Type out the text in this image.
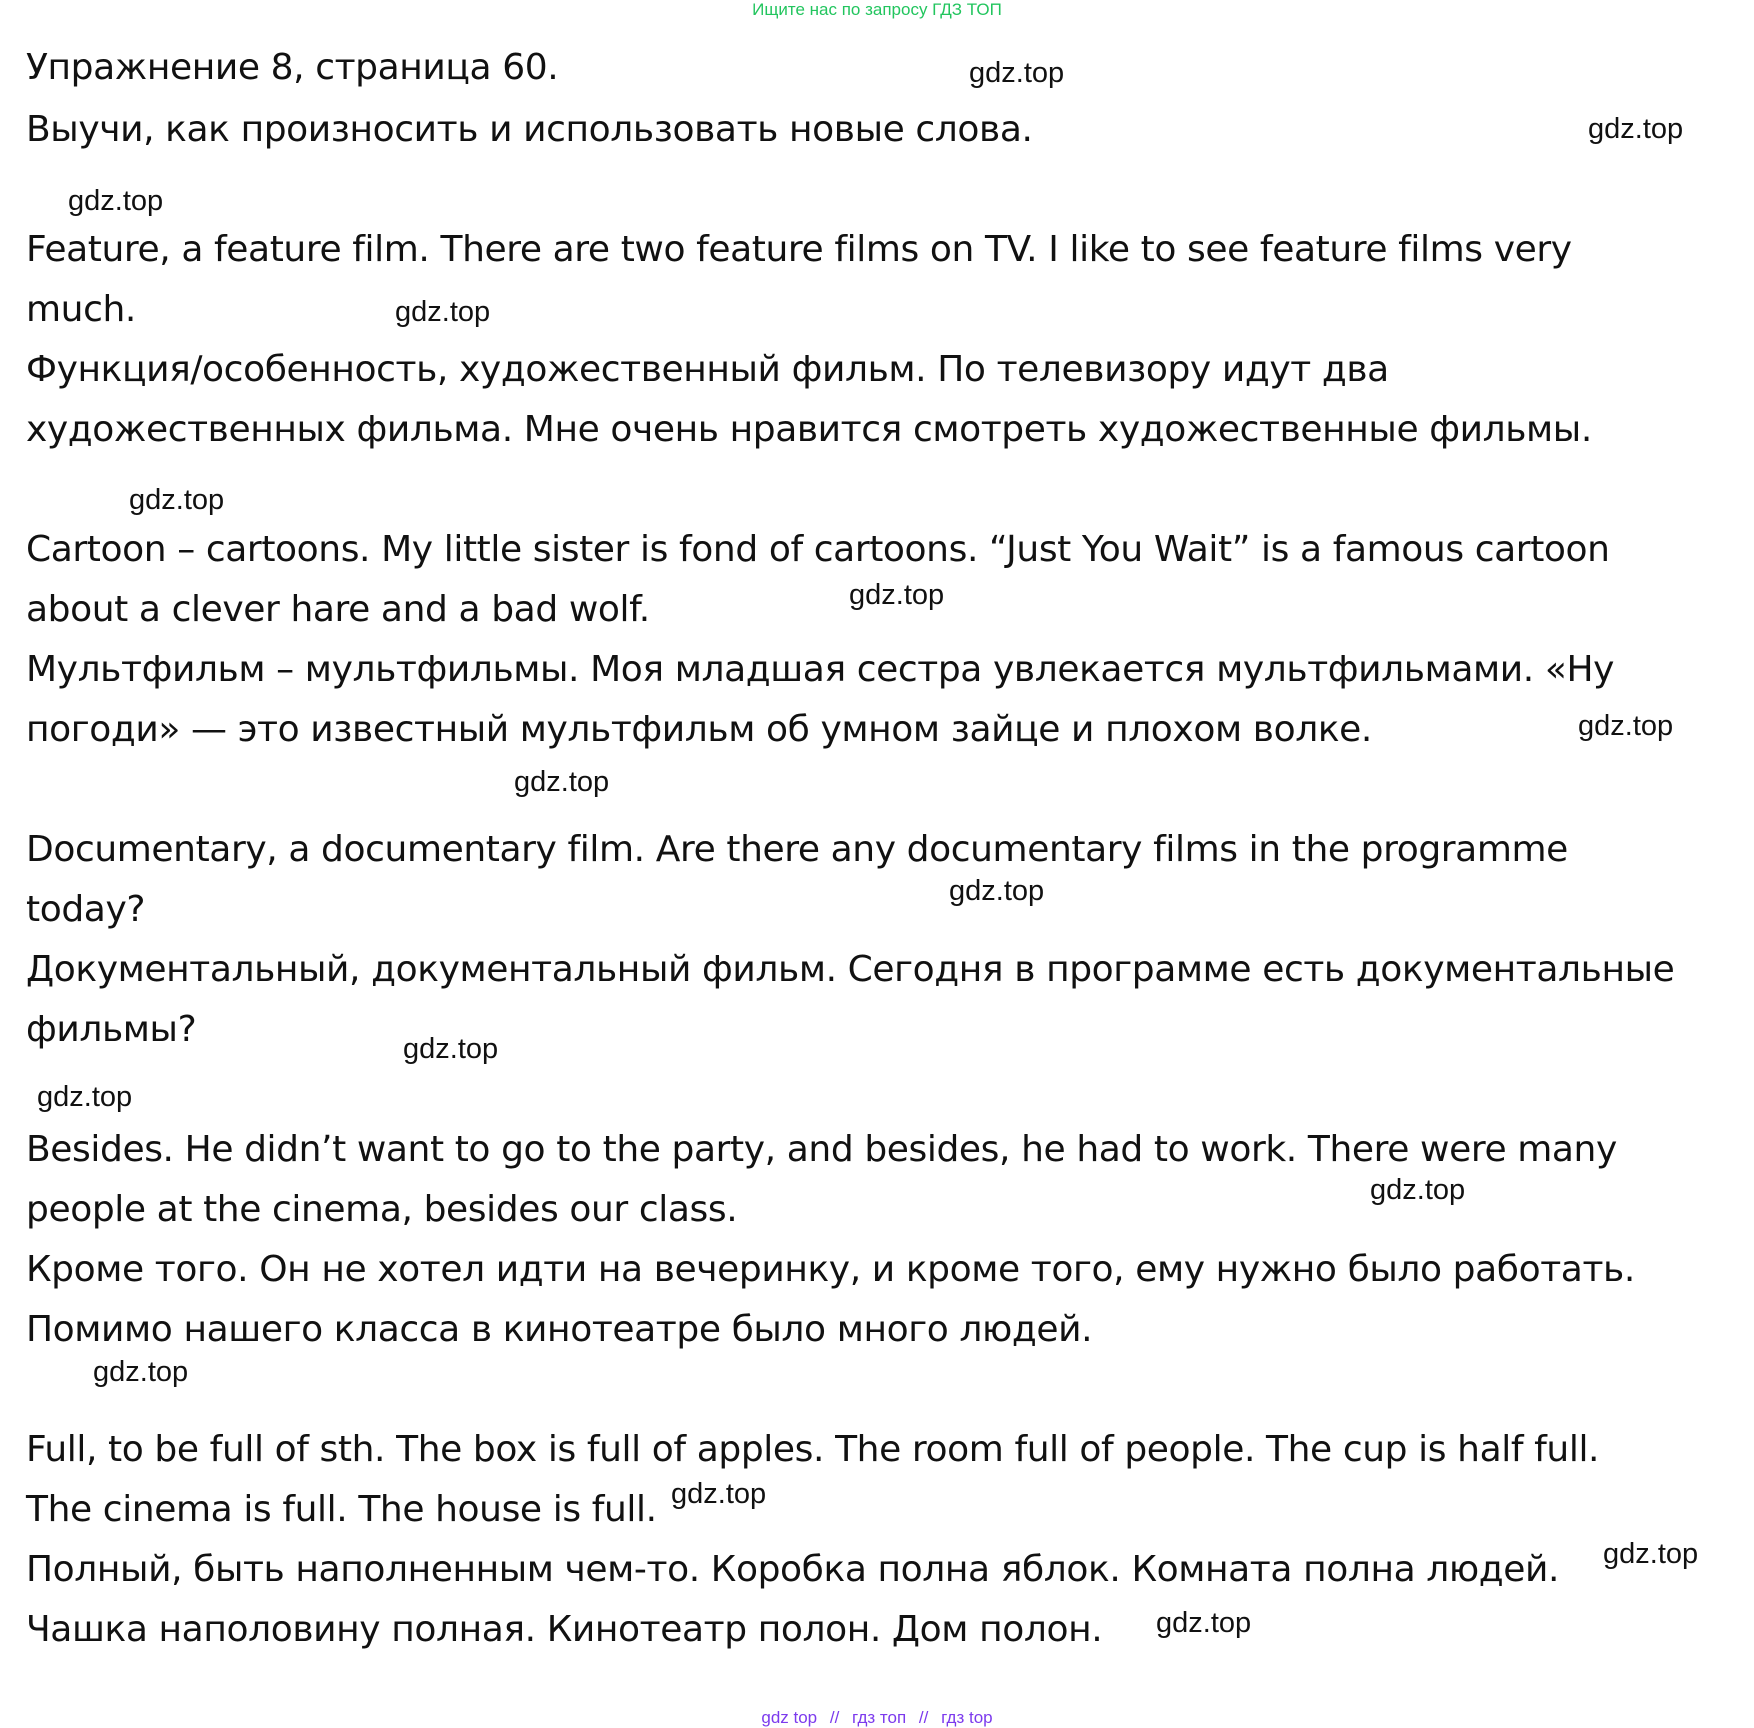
Ищите нас по запросу ГДЗ ТОП
Упражнение 8, страница 60.
Выучи, как произносить и использовать новые слова.
Feature, a feature film. There are two feature films on TV. I like to see feature films very
much.
Функция/особенность, художественный фильм. По телевизору идут два
художественных фильма. Мне очень нравится смотреть художественные фильмы.
Cartoon – cartoons. My little sister is fond of cartoons. “Just You Wait” is a famous cartoon
about a clever hare and a bad wolf.
Мультфильм – мультфильмы. Моя младшая сестра увлекается мультфильмами. «Ну
погоди» — это известный мультфильм об умном зайце и плохом волке.
Documentary, a documentary film. Are there any documentary films in the programme
today?
Документальный, документальный фильм. Сегодня в программе есть документальные
фильмы?
Besides. He didn’t want to go to the party, and besides, he had to work. There were many
people at the cinema, besides our class.
Кроме того. Он не хотел идти на вечеринку, и кроме того, ему нужно было работать.
Помимо нашего класса в кинотеатре было много людей.
Full, to be full of sth. The box is full of apples. The room full of people. The cup is half full.
The cinema is full. The house is full.
Полный, быть наполненным чем-то. Коробка полна яблок. Комната полна людей.
Чашка наполовину полная. Кинотеатр полон. Дом полон.
gdz.top
gdz.top
gdz.top
gdz.top
gdz.top
gdz.top
gdz.top
gdz.top
gdz.top
gdz.top
gdz.top
gdz.top
gdz.top
gdz.top
gdz.top
gdz.top
gdz top // гдз топ // гдз top
